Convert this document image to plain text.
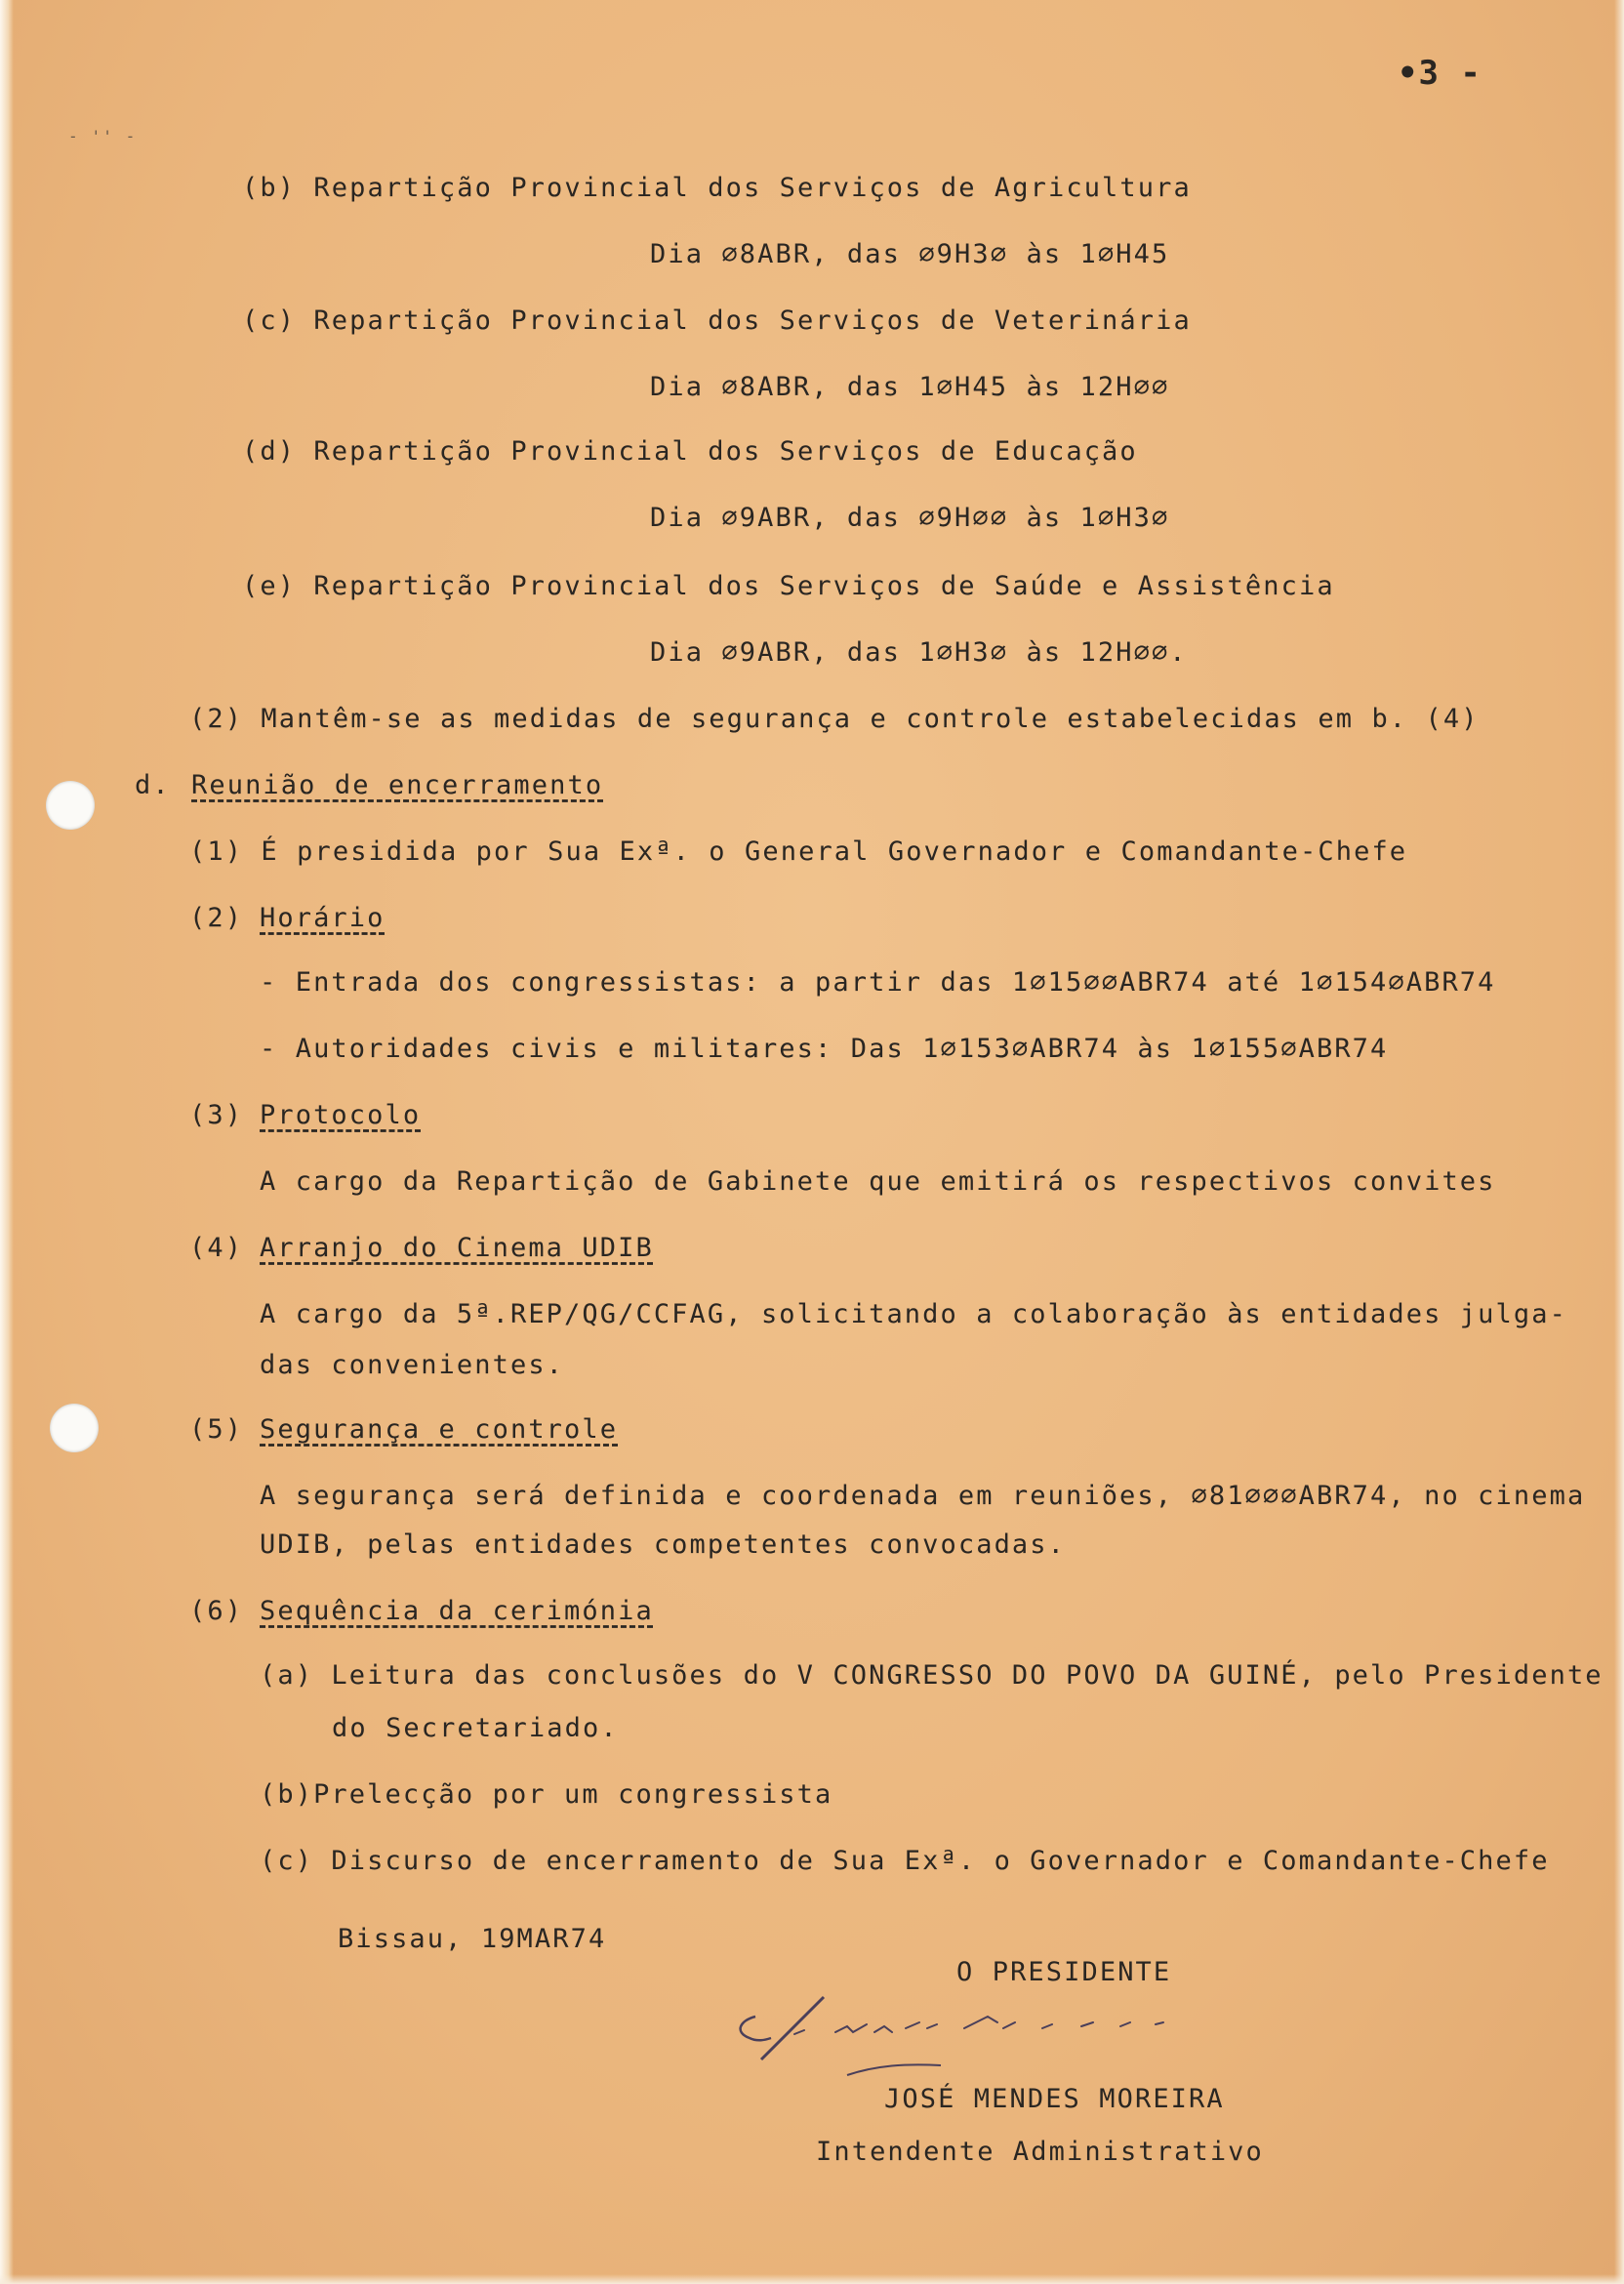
- '' -
•3 -
(b) Repartição Provincial dos Serviços de Agricultura
Dia ∅8ABR, das ∅9H3∅ às 1∅H45
(c) Repartição Provincial dos Serviços de Veterinária
Dia ∅8ABR, das 1∅H45 às 12H∅∅
(d) Repartição Provincial dos Serviços de Educação
Dia ∅9ABR, das ∅9H∅∅ às 1∅H3∅
(e) Repartição Provincial dos Serviços de Saúde e Assistência
Dia ∅9ABR, das 1∅H3∅ às 12H∅∅.
(2) Mantêm-se as medidas de segurança e controle estabelecidas em b. (4)
d. Reunião de encerramento
(1) É presidida por Sua Exª. o General Governador e Comandante-Chefe
(2) Horário
- Entrada dos congressistas: a partir das 1∅15∅∅ABR74 até 1∅154∅ABR74
- Autoridades civis e militares: Das 1∅153∅ABR74 às 1∅155∅ABR74
(3) Protocolo
A cargo da Repartição de Gabinete que emitirá os respectivos convites
(4) Arranjo do Cinema UDIB
A cargo da 5ª.REP/QG/CCFAG, solicitando a colaboração às entidades julga-
das convenientes.
(5) Segurança e controle
A segurança será definida e coordenada em reuniões, ∅81∅∅∅ABR74, no cinema
UDIB, pelas entidades competentes convocadas.
(6) Sequência da cerimónia
(a) Leitura das conclusões do V CONGRESSO DO POVO DA GUINÉ, pelo Presidente
do Secretariado.
(b)Prelecção por um congressista
(c) Discurso de encerramento de Sua Exª. o Governador e Comandante-Chefe
Bissau, 19MAR74
O PRESIDENTE
JOSÉ MENDES MOREIRA
Intendente Administrativo
